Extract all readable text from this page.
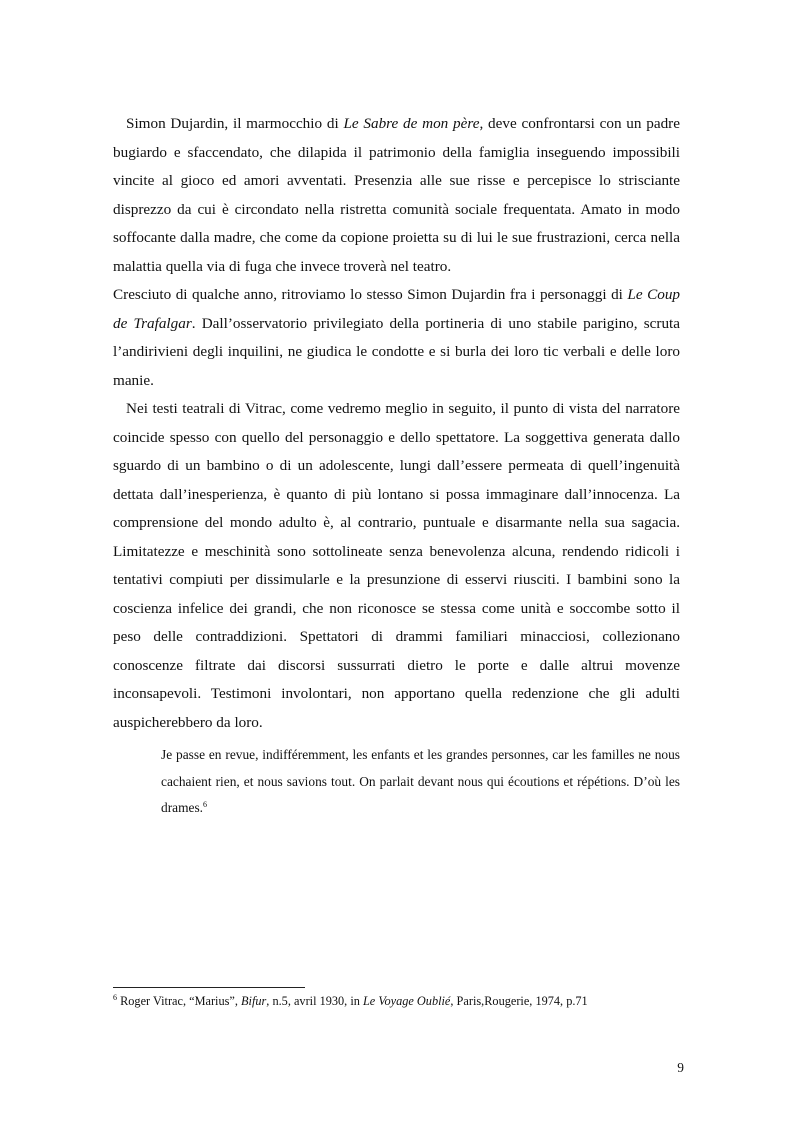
Simon Dujardin, il marmocchio di Le Sabre de mon père, deve confrontarsi con un padre bugiardo e sfaccendato, che dilapida il patrimonio della famiglia inseguendo impossibili vincite al gioco ed amori avventati. Presenzia alle sue risse e percepisce lo strisciante disprezzo da cui è circondato nella ristretta comunità sociale frequentata. Amato in modo soffocante dalla madre, che come da copione proietta su di lui le sue frustrazioni, cerca nella malattia quella via di fuga che invece troverà nel teatro.

Cresciuto di qualche anno, ritroviamo lo stesso Simon Dujardin fra i personaggi di Le Coup de Trafalgar. Dall’osservatorio privilegiato della portineria di uno stabile parigino, scruta l’andirivieni degli inquilini, ne giudica le condotte e si burla dei loro tic verbali e delle loro manie.

Nei testi teatrali di Vitrac, come vedremo meglio in seguito, il punto di vista del narratore coincide spesso con quello del personaggio e dello spettatore. La soggettiva generata dallo sguardo di un bambino o di un adolescente, lungi dall’essere permeata di quell’ingenuità dettata dall’inesperienza, è quanto di più lontano si possa immaginare dall’innocenza. La comprensione del mondo adulto è, al contrario, puntuale e disarmante nella sua sagacia. Limitatezze e meschinità sono sottolineate senza benevolenza alcuna, rendendo ridicoli i tentativi compiuti per dissimularle e la presunzione di esservi riusciti. I bambini sono la coscienza infelice dei grandi, che non riconosce se stessa come unità e soccombe sotto il peso delle contraddizioni. Spettatori di drammi familiari minacciosi, collezionano conoscenze filtrate dai discorsi sussurrati dietro le porte e dalle altrui movenze inconsapevoli. Testimoni involontari, non apportano quella redenzione che gli adulti auspicherebbero da loro.

Je passe en revue, indifféremment, les enfants et les grandes personnes, car les familles ne nous cachaient rien, et nous savions tout. On parlait devant nous qui écoutions et répétions. D’où les drames.$^6$

$^6$ Roger Vitrac, “Marius”, Bifur, n.5, avril 1930, in Le Voyage Oublié, Paris,Rougerie, 1974, p.71
9
